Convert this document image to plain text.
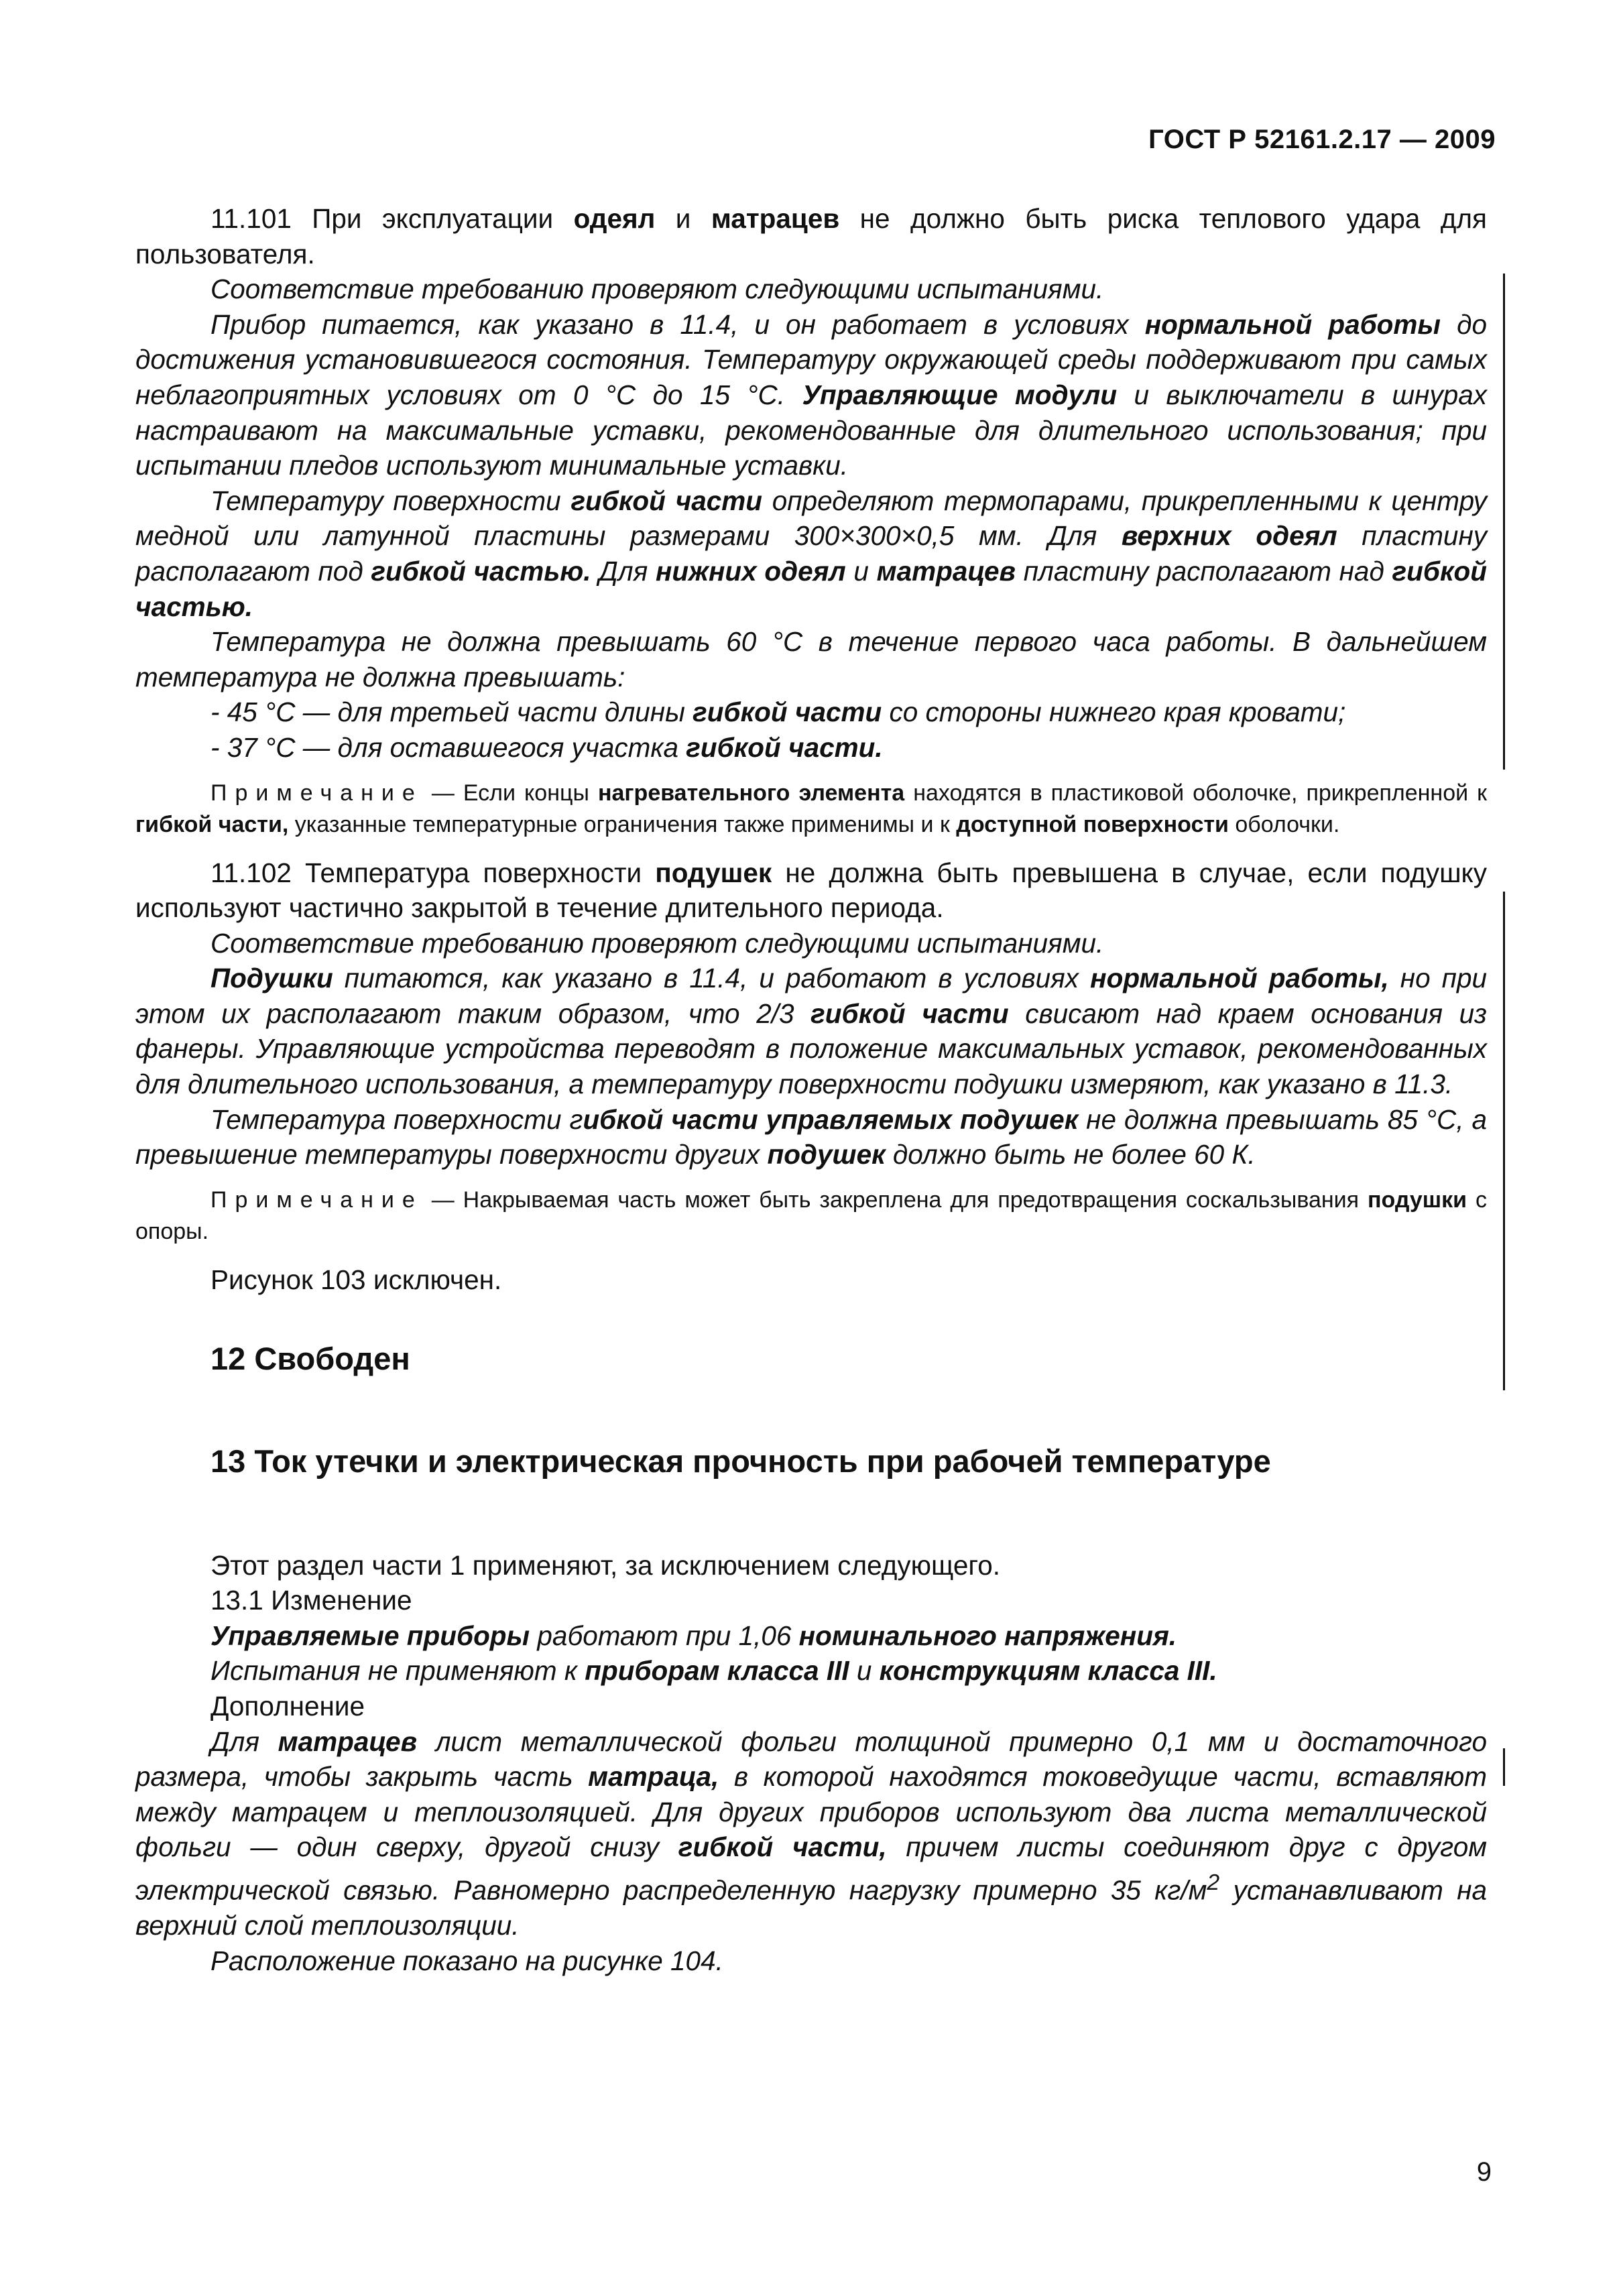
ГОСТ Р 52161.2.17 — 2009

11.101 При эксплуатации одеял и матрацев не должно быть риска теплового удара для пользователя.

Соответствие требованию проверяют следующими испытаниями.

Прибор питается, как указано в 11.4, и он работает в условиях нормальной работы до достижения установившегося состояния. Температуру окружающей среды поддерживают при самых неблагоприятных условиях от 0 °С до 15 °С. Управляющие модули и выключатели в шнурах настраивают на максимальные уставки, рекомендованные для длительного использования; при испытании пледов используют минимальные уставки.

Температуру поверхности гибкой части определяют термопарами, прикрепленными к центру медной или латунной пластины размерами 300×300×0,5 мм. Для верхних одеял пластину располагают под гибкой частью. Для нижних одеял и матрацев пластину располагают над гибкой частью.

Температура не должна превышать 60 °С в течение первого часа работы. В дальнейшем температура не должна превышать:

- 45 °С — для третьей части длины гибкой части со стороны нижнего края кровати;

- 37 °С — для оставшегося участка гибкой части.

Примечание — Если концы нагревательного элемента находятся в пластиковой оболочке, прикрепленной к гибкой части, указанные температурные ограничения также применимы и к доступной поверхности оболочки.

11.102 Температура поверхности подушек не должна быть превышена в случае, если подушку используют частично закрытой в течение длительного периода.

Соответствие требованию проверяют следующими испытаниями.

Подушки питаются, как указано в 11.4, и работают в условиях нормальной работы, но при этом их располагают таким образом, что 2/3 гибкой части свисают над краем основания из фанеры. Управляющие устройства переводят в положение максимальных уставок, рекомендованных для длительного использования, а температуру поверхности подушки измеряют, как указано в 11.3.

Температура поверхности гибкой части управляемых подушек не должна превышать 85 °С, а превышение температуры поверхности других подушек должно быть не более 60 К.

Примечание — Накрываемая часть может быть закреплена для предотвращения соскальзывания подушки с опоры.

Рисунок 103 исключен.

12 Свободен
13 Ток утечки и электрическая прочность при рабочей температуре

Этот раздел части 1 применяют, за исключением следующего.

13.1 Изменение

Управляемые приборы работают при 1,06 номинального напряжения.

Испытания не применяют к приборам класса III и конструкциям класса III.

Дополнение

Для матрацев лист металлической фольги толщиной примерно 0,1 мм и достаточного размера, чтобы закрыть часть матраца, в которой находятся токоведущие части, вставляют между матрацем и теплоизоляцией. Для других приборов используют два листа металлической фольги — один сверху, другой снизу гибкой части, причем листы соединяют друг с другом электрической связью. Равномерно распределенную нагрузку примерно 35 $кг/м^2$ устанавливают на верхний слой теплоизоляции.

Расположение показано на рисунке 104.

9
